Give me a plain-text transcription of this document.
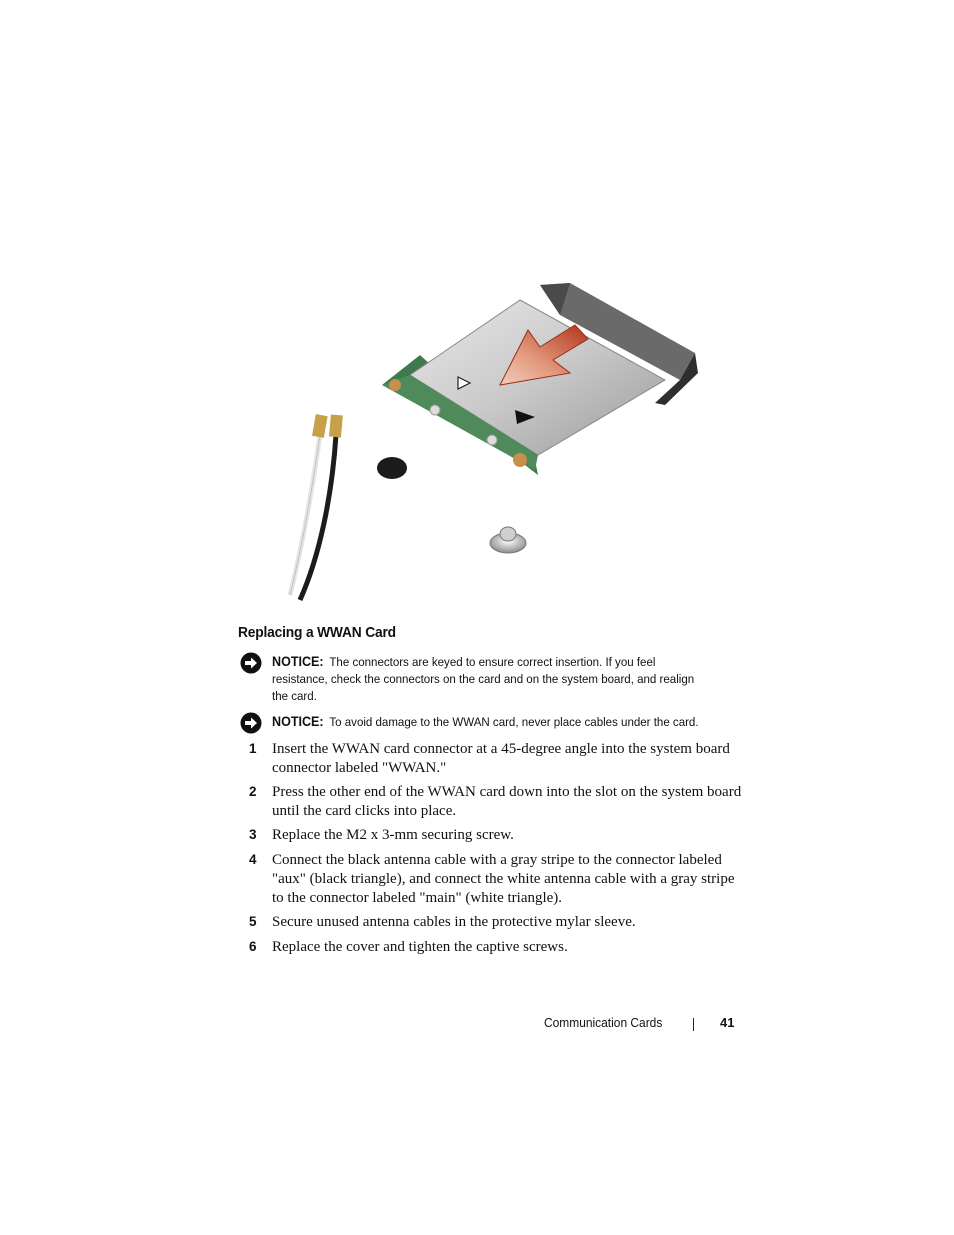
Replacing a WWAN Card
NOTICE: The connectors are keyed to ensure correct insertion. If you feel resistance, check the connectors on the card and on the system board, and realign the card.
NOTICE: To avoid damage to the WWAN card, never place cables under the card.
1 Insert the WWAN card connector at a 45-degree angle into the system board connector labeled "WWAN."
2 Press the other end of the WWAN card down into the slot on the system board until the card clicks into place.
3 Replace the M2 x 3-mm securing screw.
4 Connect the black antenna cable with a gray stripe to the connector labeled "aux" (black triangle), and connect the white antenna cable with a gray stripe to the connector labeled "main" (white triangle).
5 Secure unused antenna cables in the protective mylar sleeve.
6 Replace the cover and tighten the captive screws.
Communication Cards	41
